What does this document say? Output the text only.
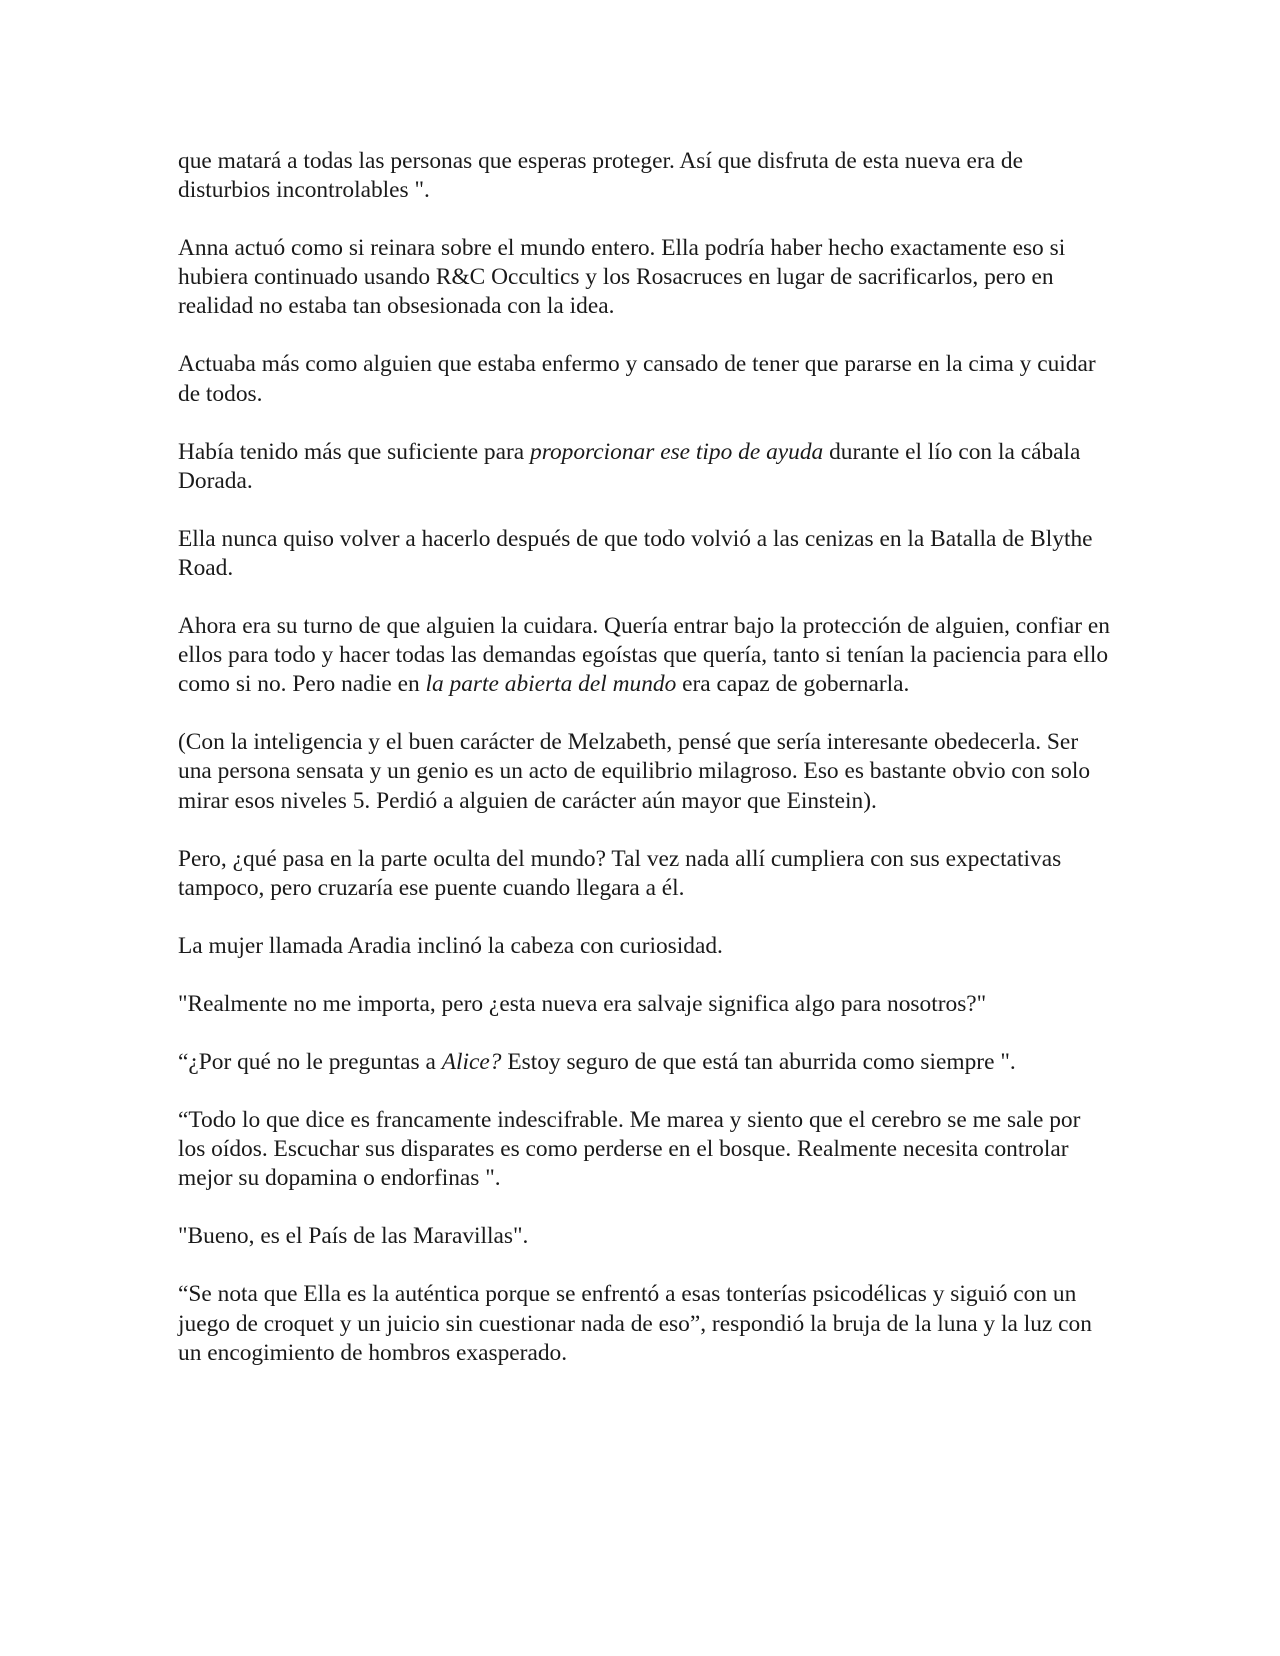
que matará a todas las personas que esperas proteger. Así que disfruta de esta nueva era de disturbios incontrolables ".

Anna actuó como si reinara sobre el mundo entero. Ella podría haber hecho exactamente eso si hubiera continuado usando R&C Occultics y los Rosacruces en lugar de sacrificarlos, pero en realidad no estaba tan obsesionada con la idea.

Actuaba más como alguien que estaba enfermo y cansado de tener que pararse en la cima y cuidar de todos.

Había tenido más que suficiente para proporcionar ese tipo de ayuda durante el lío con la cábala Dorada.

Ella nunca quiso volver a hacerlo después de que todo volvió a las cenizas en la Batalla de Blythe Road.

Ahora era su turno de que alguien la cuidara. Quería entrar bajo la protección de alguien, confiar en ellos para todo y hacer todas las demandas egoístas que quería, tanto si tenían la paciencia para ello como si no. Pero nadie en la parte abierta del mundo era capaz de gobernarla.

(Con la inteligencia y el buen carácter de Melzabeth, pensé que sería interesante obedecerla. Ser una persona sensata y un genio es un acto de equilibrio milagroso. Eso es bastante obvio con solo mirar esos niveles 5. Perdió a alguien de carácter aún mayor que Einstein).

Pero, ¿qué pasa en la parte oculta del mundo? Tal vez nada allí cumpliera con sus expectativas tampoco, pero cruzaría ese puente cuando llegara a él.

La mujer llamada Aradia inclinó la cabeza con curiosidad.

"Realmente no me importa, pero ¿esta nueva era salvaje significa algo para nosotros?"

“¿Por qué no le preguntas a Alice? Estoy seguro de que está tan aburrida como siempre ".

“Todo lo que dice es francamente indescifrable. Me marea y siento que el cerebro se me sale por los oídos. Escuchar sus disparates es como perderse en el bosque. Realmente necesita controlar mejor su dopamina o endorfinas ".

"Bueno, es el País de las Maravillas".

“Se nota que Ella es la auténtica porque se enfrentó a esas tonterías psicodélicas y siguió con un juego de croquet y un juicio sin cuestionar nada de eso”, respondió la bruja de la luna y la luz con un encogimiento de hombros exasperado.
